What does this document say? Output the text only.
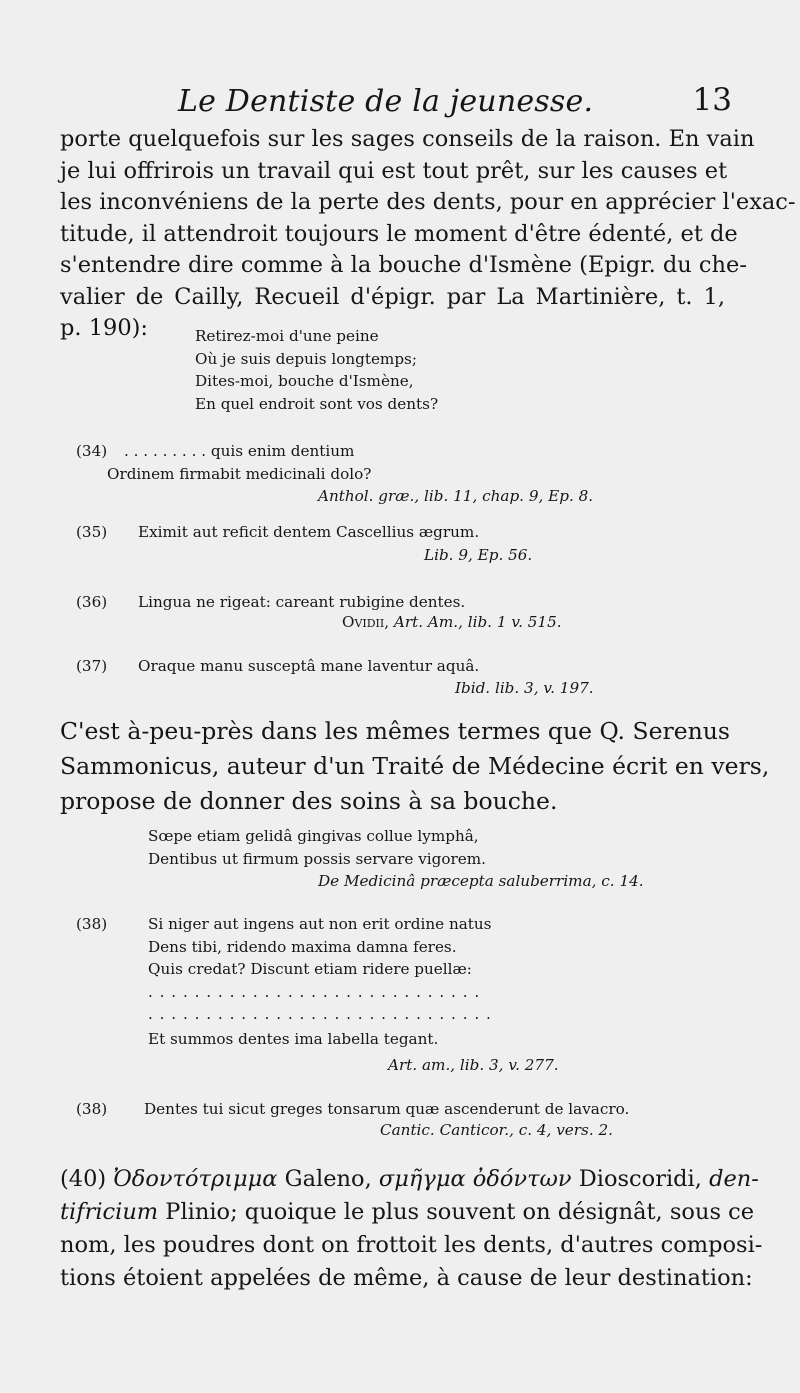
Le Dentiste de la jeunesse.	13
porte quelquefois sur les sages conseils de la raison. En vain
je lui offrirois un travail qui est tout prêt, sur les causes et
les inconvéniens de la perte des dents, pour en apprécier l'exac-
titude, il attendroit toujours le moment d'être édenté, et de
s'entendre dire comme à la bouche d'Ismène (Epigr. du che-
valier de Cailly, Recueil d'épigr. par La Martinière, t. 1,
p. 190):	Retirez-moi d'une peine
Où je suis depuis longtemps;
Dites-moi, bouche d'Ismène,
En quel endroit sont vos dents?
(34) . . . . . . . . . quis enim dentium
Ordinem firmabit medicinali dolo?
Anthol. græ., lib. 11, chap. 9, Ep. 8.
(35) Eximit aut reficit dentem Cascellius ægrum.
Lib. 9, Ep. 56.
(36) Lingua ne rigeat: careant rubigine dentes.
Ovidii, Art. Am., lib. 1 v. 515.
(37) Oraque manu susceptâ mane laventur aquâ.
Ibid. lib. 3, v. 197.
C'est à-peu-près dans les mêmes termes que Q. Serenus
Sammonicus, auteur d'un Traité de Médecine écrit en vers,
propose de donner des soins à sa bouche.
Sœpe etiam gelidâ gingivas collue lymphâ,
Dentibus ut firmum possis servare vigorem.
De Medicinâ præcepta saluberrima, c. 14.
(38)	Si niger aut ingens aut non erit ordine natus
Dens tibi, ridendo maxima damna feres.
Quis credat? Discunt etiam ridere puellæ:
. . . . . . . . . . . . . . . . . . . . . . . . . . . . .
. . . . . . . . . . . . . . . . . . . . . . . . . . . . . .
Et summos dentes ima labella tegant.
Art. am., lib. 3, v. 277.
(38) Dentes tui sicut greges tonsarum quæ ascenderunt de lavacro.
Cantic. Canticor., c. 4, vers. 2.
(40) Ὀδοντότριμμα Galeno, σμῆγμα ὀδόντων Dioscoridi, den-
tifricium Plinio; quoique le plus souvent on désignât, sous ce
nom, les poudres dont on frottoit les dents, d'autres composi-
tions étoient appelées de même, à cause de leur destination:
